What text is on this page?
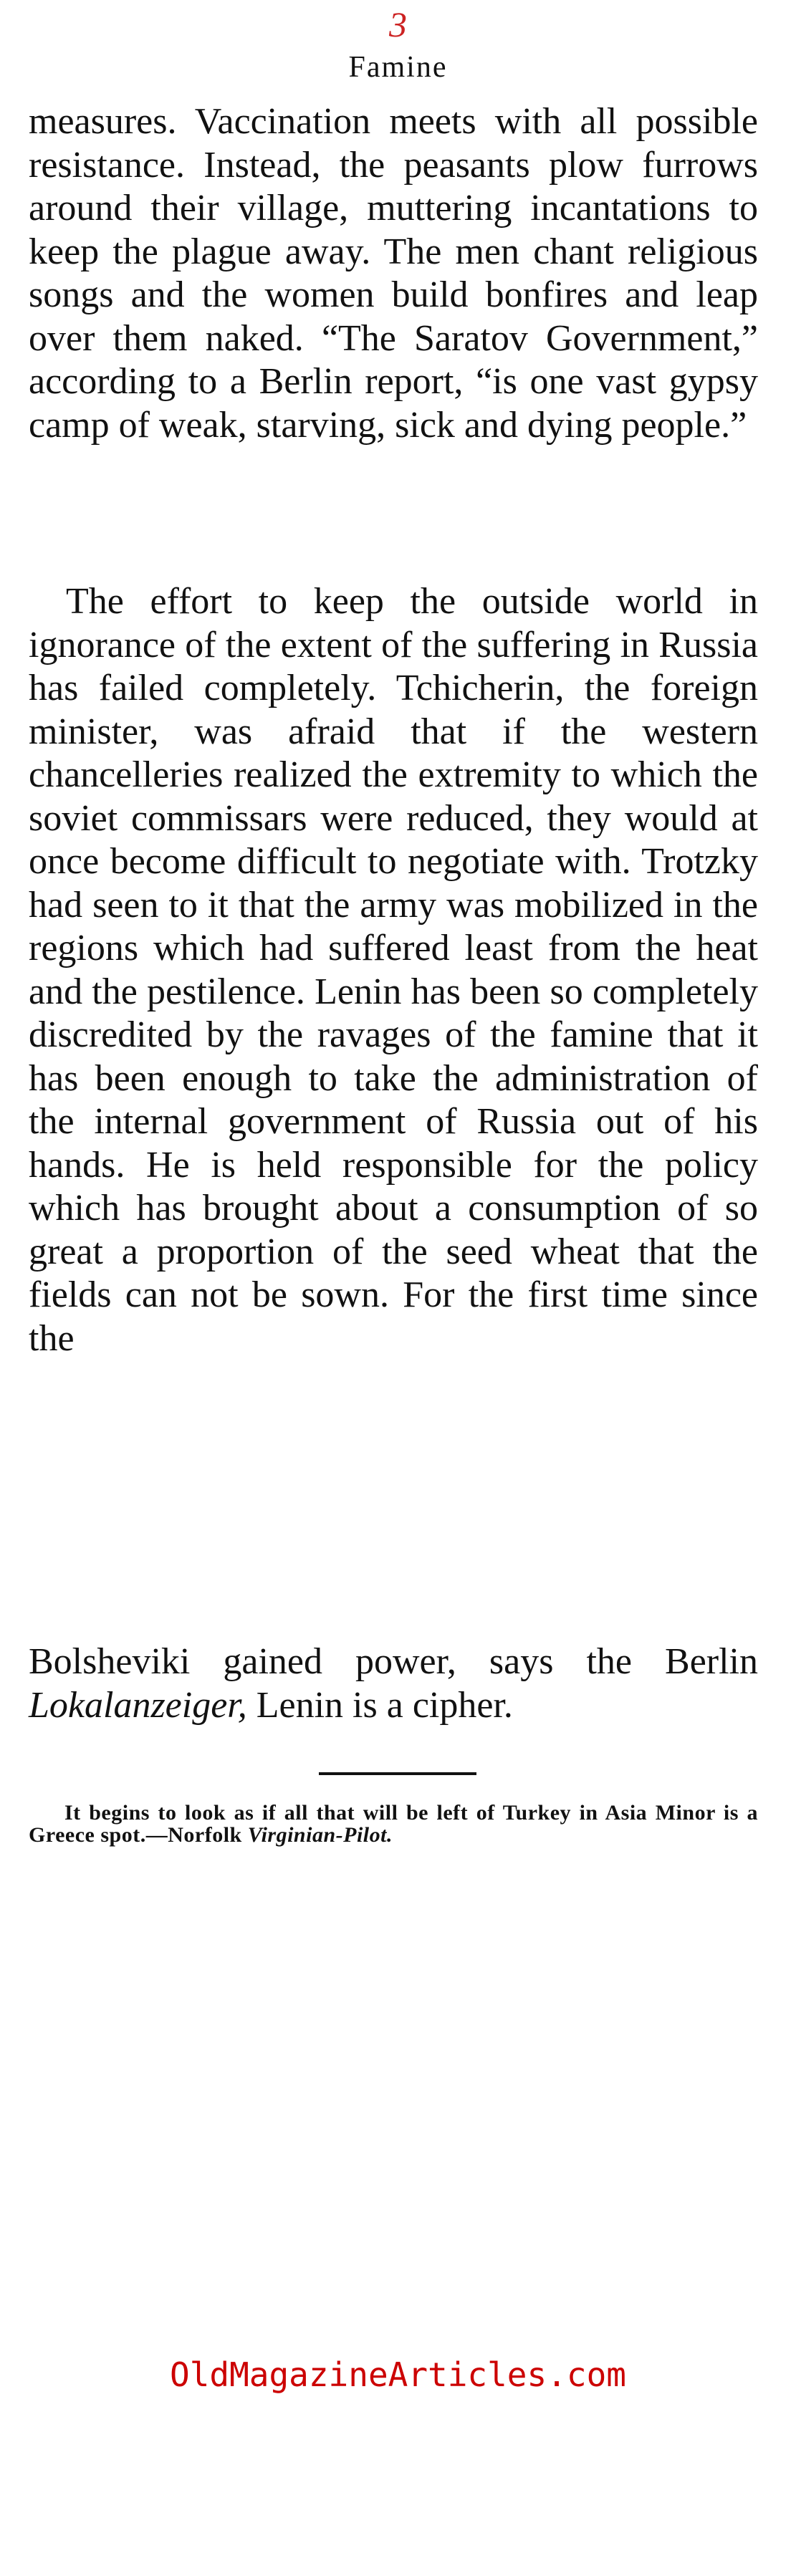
3
Famine

measures. Vaccination meets with all possible resistance. Instead, the peasants plow furrows around their village, muttering incantations to keep the plague away. The men chant religious songs and the women build bonfires and leap over them naked. “The Saratov Government,” according to a Berlin report, “is one vast gypsy camp of weak, starving, sick and dying people.”

The effort to keep the outside world in ignorance of the extent of the suffering in Russia has failed completely. Tchicherin, the foreign minister, was afraid that if the western chancelleries realized the extremity to which the soviet commissars were reduced, they would at once become difficult to negotiate with. Trotzky had seen to it that the army was mobilized in the regions which had suffered least from the heat and the pestilence. Lenin has been so completely discredited by the ravages of the famine that it has been enough to take the administration of the internal government of Russia out of his hands. He is held responsible for the policy which has brought about a consumption of so great a proportion of the seed wheat that the fields can not be sown. For the first time since the

Bolsheviki gained power, says the Berlin Lokalanzeiger, Lenin is a cipher.

It begins to look as if all that will be left of Turkey in Asia Minor is a Greece spot.—Norfolk Virginian-Pilot.

OldMagazineArticles.com
